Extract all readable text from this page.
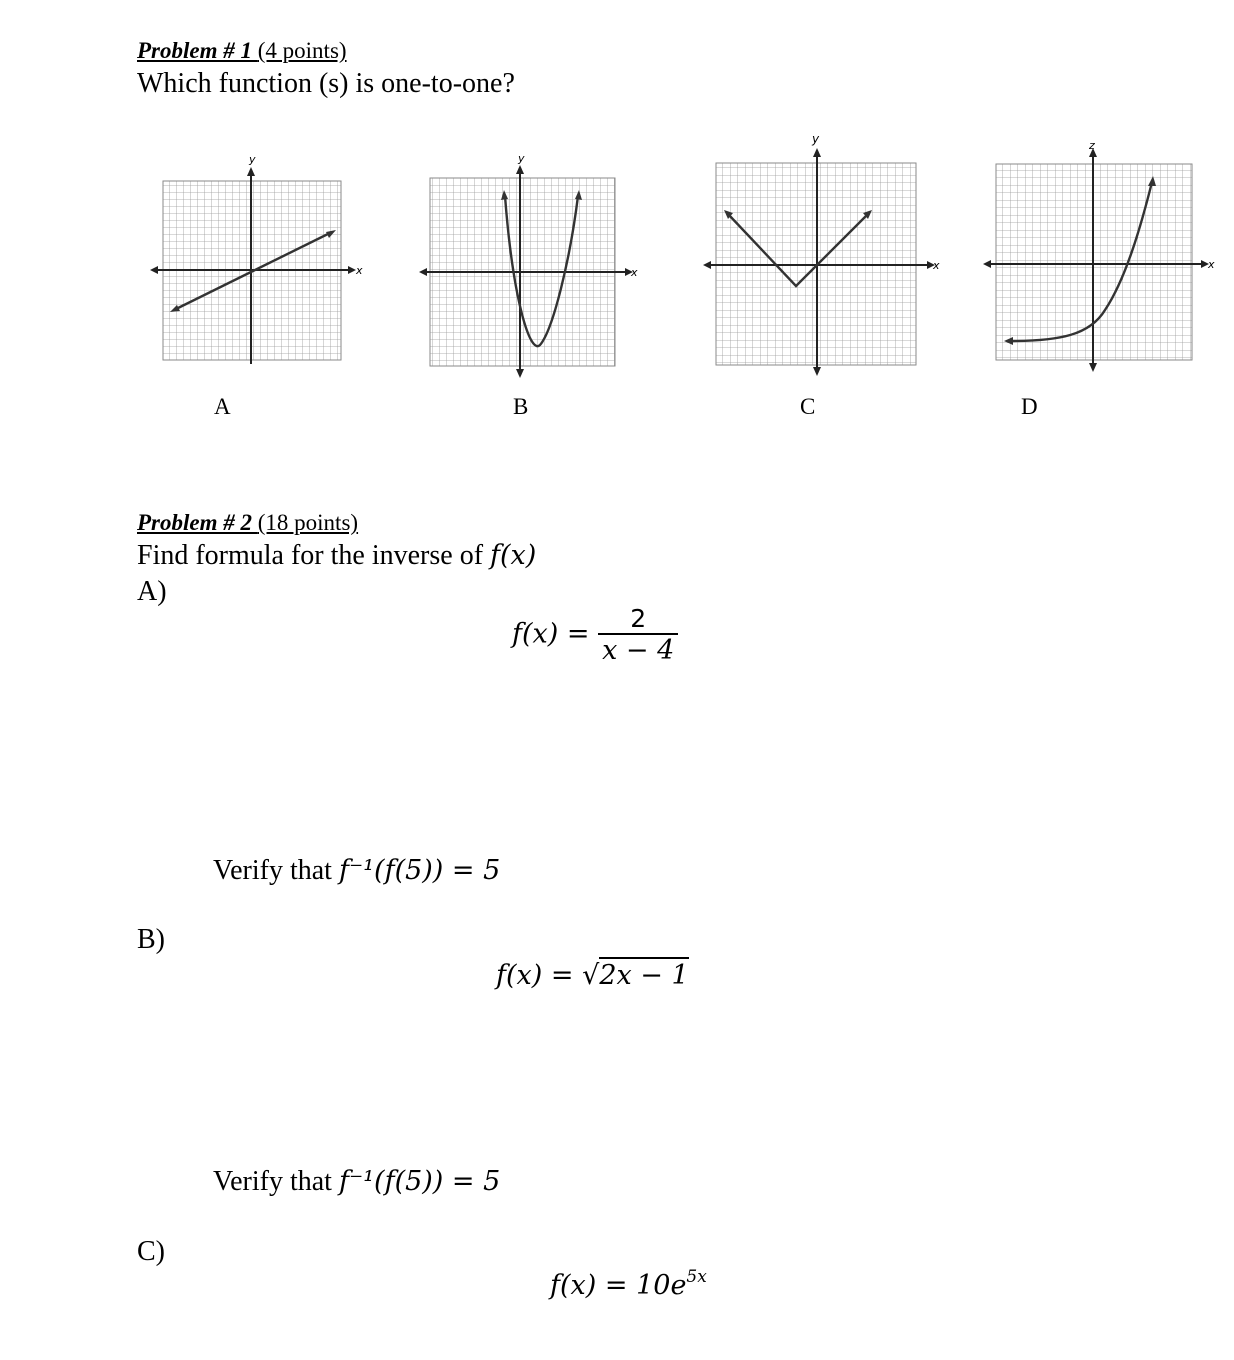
Problem # 1 (4 points)
Which function (s) is one-to-one?
y
x
A
y
x
B
y
x
C
z
x
D
Problem # 2 (18 points)
Find formula for the inverse of f(x)
A)
$f(x) = \frac{2}{x - 4}$
Verify that f⁻¹(f(5)) = 5
B)
f(x) = √2x − 1
Verify that f⁻¹(f(5)) = 5
C)
$f(x) = 10e^{5x}$
